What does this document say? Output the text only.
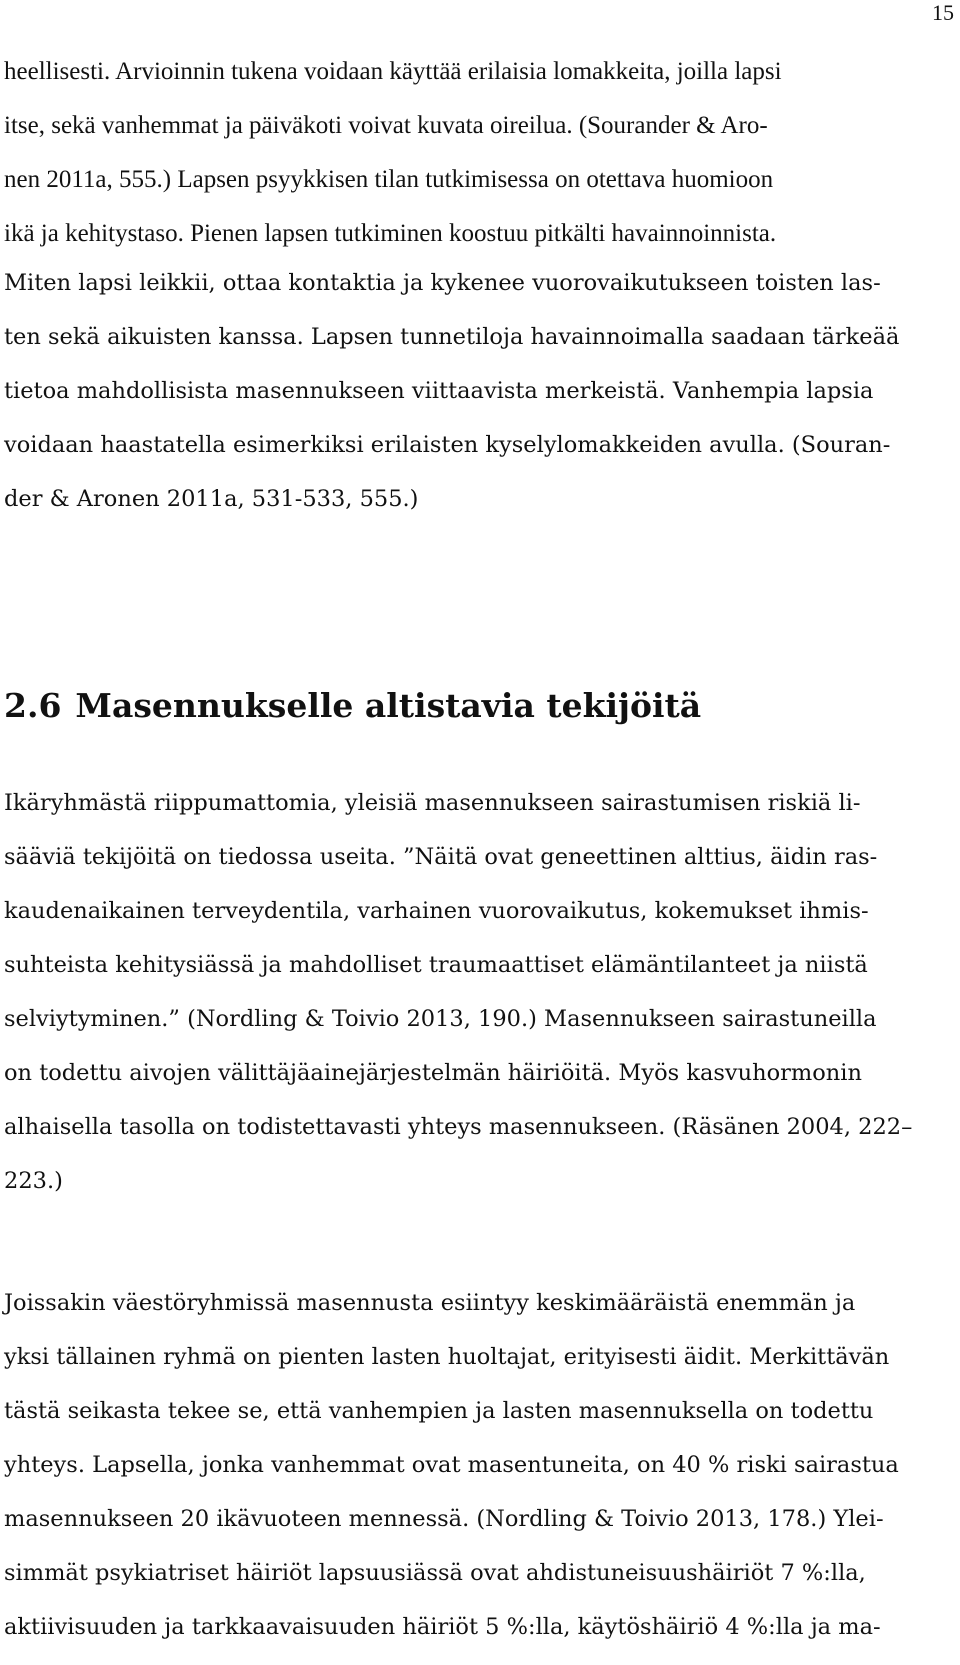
15
heellisesti. Arvioinnin tukena voidaan käyttää erilaisia lomakkeita, joilla lapsi
itse, sekä vanhemmat ja päiväkoti voivat kuvata oireilua. (Sourander & Aro-
nen 2011a, 555.) Lapsen psyykkisen tilan tutkimisessa on otettava huomioon
ikä ja kehitystaso. Pienen lapsen tutkiminen koostuu pitkälti havainnoinnista.
Miten lapsi leikkii, ottaa kontaktia ja kykenee vuorovaikutukseen toisten las-
ten sekä aikuisten kanssa. Lapsen tunnetiloja havainnoimalla saadaan tärkeää
tietoa mahdollisista masennukseen viittaavista merkeistä. Vanhempia lapsia
voidaan haastatella esimerkiksi erilaisten kyselylomakkeiden avulla. (Souran-
der & Aronen 2011a, 531-533, 555.)
2.6 Masennukselle altistavia tekijöitä
Ikäryhmästä riippumattomia, yleisiä masennukseen sairastumisen riskiä li-
sääviä tekijöitä on tiedossa useita. ”Näitä ovat geneettinen alttius, äidin ras-
kaudenaikainen terveydentila, varhainen vuorovaikutus, kokemukset ihmis-
suhteista kehitysiässä ja mahdolliset traumaattiset elämäntilanteet ja niistä
selviytyminen.” (Nordling & Toivio 2013, 190.) Masennukseen sairastuneilla
on todettu aivojen välittäjäainejärjestelmän häiriöitä. Myös kasvuhormonin
alhaisella tasolla on todistettavasti yhteys masennukseen. (Räsänen 2004, 222–
223.)
Joissakin väestöryhmissä masennusta esiintyy keskimääräistä enemmän ja
yksi tällainen ryhmä on pienten lasten huoltajat, erityisesti äidit. Merkittävän
tästä seikasta tekee se, että vanhempien ja lasten masennuksella on todettu
yhteys. Lapsella, jonka vanhemmat ovat masentuneita, on 40 % riski sairastua
masennukseen 20 ikävuoteen mennessä. (Nordling & Toivio 2013, 178.) Ylei-
simmät psykiatriset häiriöt lapsuusiässä ovat ahdistuneisuushäiriöt 7 %:lla,
aktiivisuuden ja tarkkaavaisuuden häiriöt 5 %:lla, käytöshäiriö 4 %:lla ja ma-
